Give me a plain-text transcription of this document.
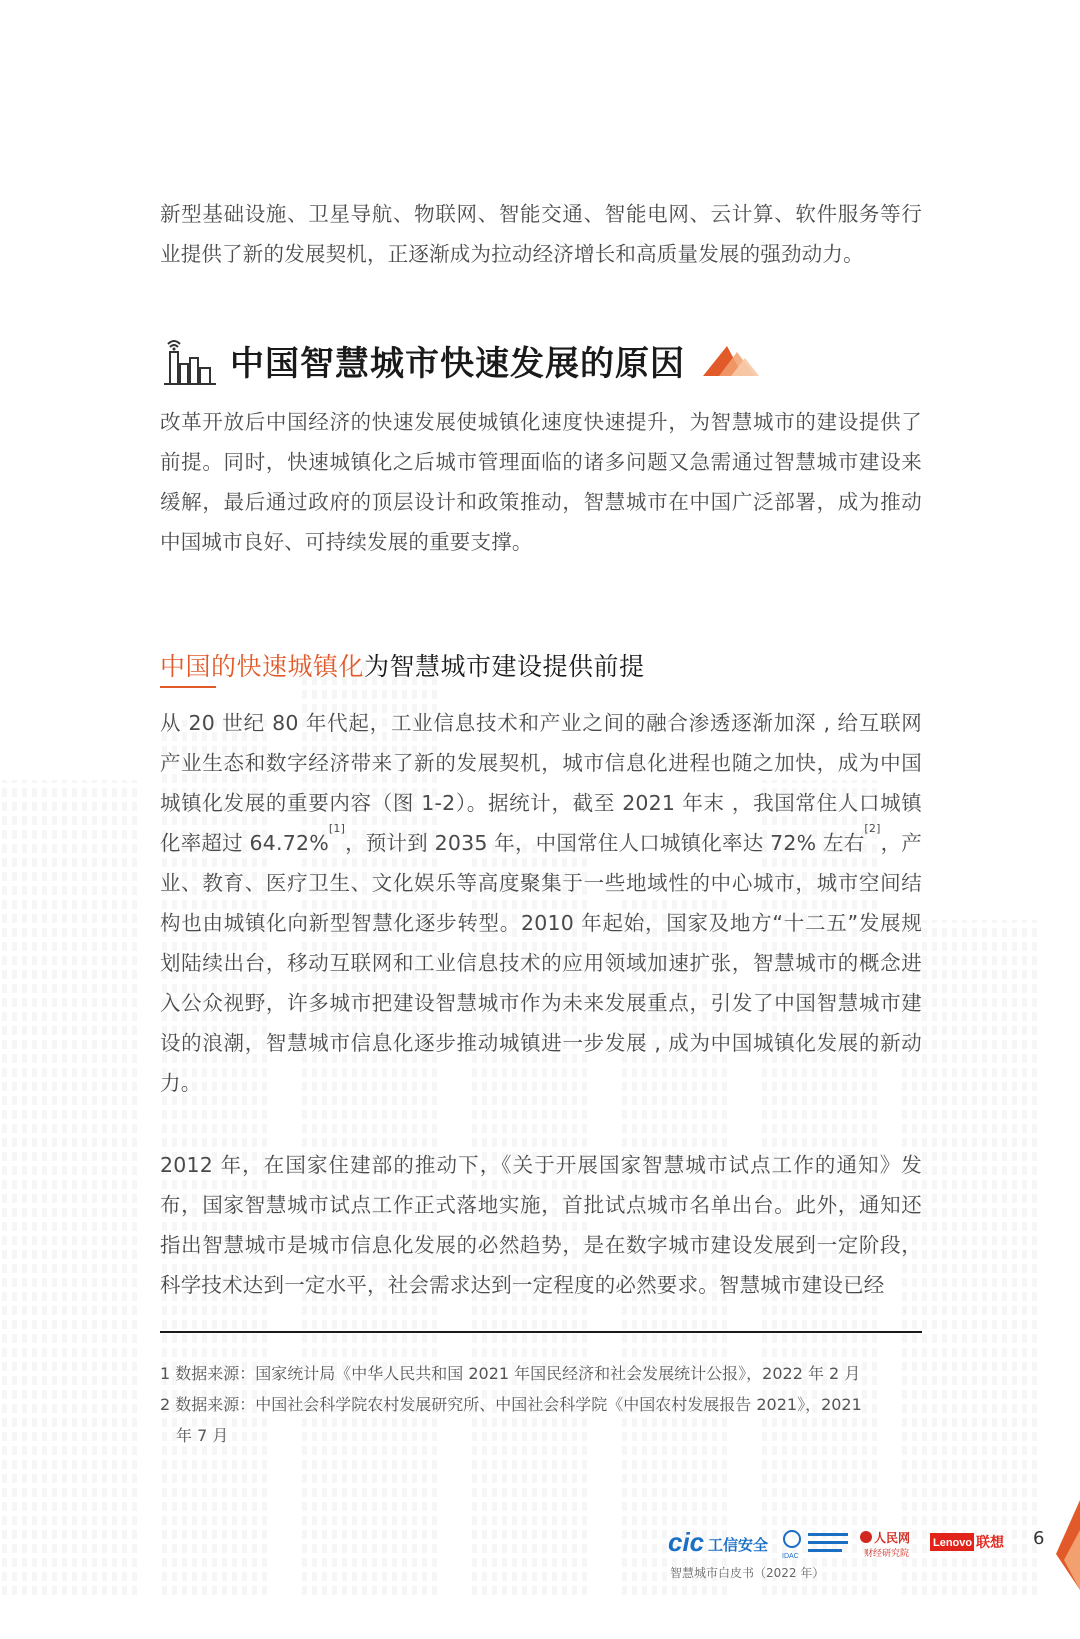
新型基础设施、卫星导航、物联网、智能交通、智能电网、云计算、软件服务等行业提供了新的发展契机，正逐渐成为拉动经济增长和高质量发展的强劲动力。
中国智慧城市快速发展的原因
改革开放后中国经济的快速发展使城镇化速度快速提升，为智慧城市的建设提供了前提。同时，快速城镇化之后城市管理面临的诸多问题又急需通过智慧城市建设来缓解，最后通过政府的顶层设计和政策推动，智慧城市在中国广泛部署，成为推动中国城市良好、可持续发展的重要支撑。
中国的快速城镇化为智慧城市建设提供前提
从 20 世纪 80 年代起，工业信息技术和产业之间的融合渗透逐渐加深 , 给互联网产业生态和数字经济带来了新的发展契机，城市信息化进程也随之加快，成为中国城镇化发展的重要内容（图 1-2）。据统计，截至 2021 年末 ，我国常住人口城镇化率超过 64.72%[1]，预计到 2035 年，中国常住人口城镇化率达 72% 左右[2]，产业、教育、医疗卫生、文化娱乐等高度聚集于一些地域性的中心城市，城市空间结构也由城镇化向新型智慧化逐步转型。2010 年起始，国家及地方“十二五”发展规划陆续出台，移动互联网和工业信息技术的应用领域加速扩张，智慧城市的概念进入公众视野，许多城市把建设智慧城市作为未来发展重点，引发了中国智慧城市建设的浪潮，智慧城市信息化逐步推动城镇进一步发展 , 成为中国城镇化发展的新动力。
2012 年，在国家住建部的推动下，《关于开展国家智慧城市试点工作的通知》发布，国家智慧城市试点工作正式落地实施，首批试点城市名单出台。此外，通知还指出智慧城市是城市信息化发展的必然趋势，是在数字城市建设发展到一定阶段，科学技术达到一定水平，社会需求达到一定程度的必然要求。智慧城市建设已经
1 数据来源：国家统计局《中华人民共和国 2021 年国民经济和社会发展统计公报》，2022 年 2 月
2 数据来源：中国社会科学院农村发展研究所、中国社会科学院《中国农村发展报告 2021》，2021
年 7 月
cic 工信安全
IDAC
人民网
财经研究院
Lenovo 联想
智慧城市白皮书（2022 年）
6
